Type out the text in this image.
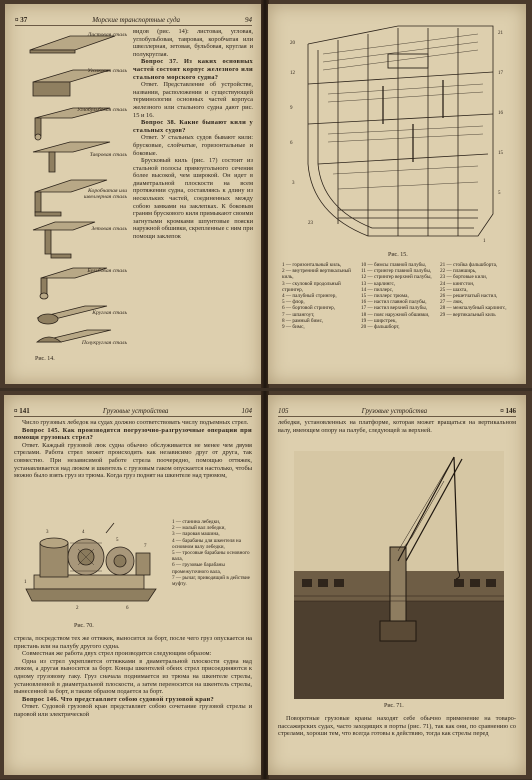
¤ 37	Морские транспортные суда	94
Листовая сталь
Уголковая сталь
Углобульбовая сталь
Тавровая сталь
Коробчатая или швеллерная сталь
Зетовая сталь
Бульбовая сталь
Круглая сталь
Полукруглая сталь
Рис. 14.

видов (рис. 14): листовая, угловая, углобульбовая, тавровая, коробчатая или швеллерная, зетовая, бульбовая, круглая и полукруглая.

Вопрос 37. Из каких основных частей состоит корпус железного или стального морского судна?

Ответ. Представление об устройстве, названии, расположении и существующей терминологии основных частей корпуса железного или стального судна дают рис. 15 и 16.

Вопрос 38. Какие бывают кили у стальных судов?

Ответ. У стальных судов бывают кили: брусковые, слойчатые, горизонтальные и боковые.

Брусковый киль (рис. 17) состоит из стальной полосы прямоугольного сечения более высокой, чем широкой. Он идет в диаметральной плоскости на всем протяжении судна, составляясь к длину из нескольких частей, соединенных между собою замками на заклепках. К боковым граням брускового киля примыкают своими загнутыми кромками шпунтовые пояски наружной обшивки, скрепленные с ним при помощи заклепок

20
12
9
6
3
23
21
17
16
15
5
1
Рис. 15.
1 — горизонтальный киль,
2 — внутренний вертикальный киль,
3 — скуловой продольный стрингер,
4 — палубный стрингер,
5 — флор,
6 — бортовой стрингер,
7 — шпангоут,
8 — рамный бимс,
9 — бимс,
10 — бимсы главной палубы,
11 — стрингер главной палубы,
12 — стрингер верхней палубы,
13 — карлингс,
14 — пиллерс,
15 — пиллерс трюма,
16 — настил главной палубы,
17 — настил верхней палубы,
18 — пояс наружной обшивки,
19 — ширстрек,
20 — фальшборт,
21 — стойка фальшборта,
22 — планширь,
23 — бортовые кили,
24 — кингстон,
25 — шахта,
26 — решетчатый настил,
27 — люк,
28 — межпалубный карлингс,
29 — вертикальный киль
¤ 141	Грузовые устройства	104

Число грузовых лебедок на судах должно соответствовать числу подъемных стрел.

Вопрос 145. Как производятся погрузочно-разгрузочные операции при помощи грузовых стрел?

Ответ. Каждый грузовой люк судна обычно обслуживается не менее чем двумя стрелами. Работа стрел может происходить как независимо друг от друга, так совместно. При независимой работе стрела поочередно, помощью оттяжек, устанавливается над люком и шкентель с грузовым гаком опускается настолько, чтобы можно было взять груз из трюма. Когда груз поднят на шкентеле над трюмом,

3	4
5
7
1
2	6
1 — станина лебедки,
2 — малый вал лебедки,
3 — паровая машина,
4 — барабаны для шкентеля на основном валу лебедки,
5 — тросовые барабаны основного вала,
6 — грузовые барабаны промежуточного вала,
7 — рычаг, приводящий в действие муфту.
Рис. 70.

стрела, посредством тех же оттяжек, выносится за борт, после чего груз опускается на пристань или на палубу другого судна.

Совместная же работа двух стрел производится следующим образом:

Одна из стрел укрепляется оттяжками в диаметральной плоскости судна над люком, а другая выносится за борт. Концы шкентелей обеих стрел присоединяются к одному грузовому гаку. Груз сначала поднимается из трюма на шкентеле стрелы, установленной в диаметральной плоскости, а затем переносится на шкентель стрелы, вынесенной за борт, и таким образом подается за борт.

Вопрос 146. Что представляет собою судовой грузовой кран?

Ответ. Судовой грузовой кран представляет собою сочетание грузовой стрелы и паровой или электрической

105	Грузовые устройства	¤ 146

лебедки, установленных на платформе, которая может вращаться на вертикальном валу, имеющем опору на палубе, следующей за верхней.

Рис. 71.

Поворотные грузовые краны находят себе обычно применение на товаро-пассажирских судах, часто заходящих в порты (рис. 71), так как они, по сравнению со стрелами, хороши тем, что всегда готовы к действию, тогда как стрелы перед
